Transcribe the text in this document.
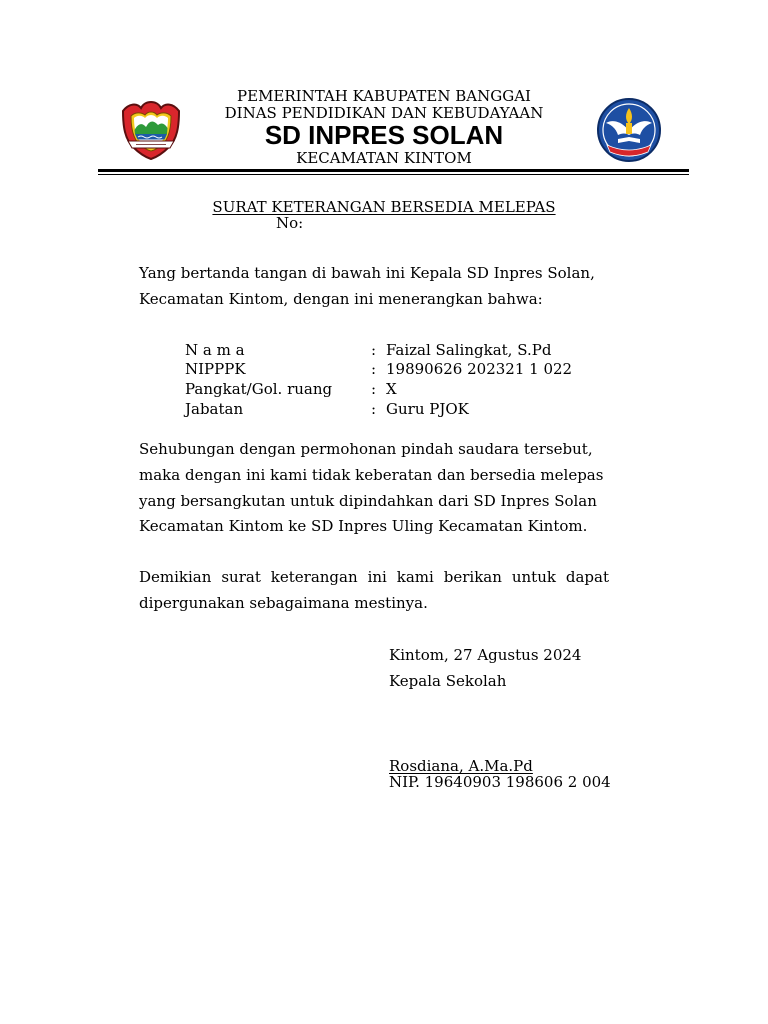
PEMERINTAH KABUPATEN BANGGAI
DINAS PENDIDIKAN DAN KEBUDAYAAN
SD INPRES SOLAN
KECAMATAN KINTOM
SURAT KETERANGAN BERSEDIA MELEPAS
No:
Yang bertanda tangan di bawah ini Kepala SD Inpres Solan,
Kecamatan Kintom, dengan ini menerangkan bahwa:
N a m a	: Faizal Salingkat, S.Pd
NIPPPK	: 19890626 202321 1 022
Pangkat/Gol. ruang	: X
Jabatan	: Guru PJOK
Sehubungan dengan permohonan pindah saudara tersebut,
maka dengan ini kami tidak keberatan dan bersedia melepas
yang bersangkutan untuk dipindahkan dari SD Inpres Solan
Kecamatan Kintom ke SD Inpres Uling Kecamatan Kintom.
Demikian surat keterangan ini kami berikan untuk dapat
dipergunakan sebagaimana mestinya.
Kintom, 27 Agustus 2024
Kepala Sekolah
Rosdiana, A.Ma.Pd
NIP. 19640903 198606 2 004
